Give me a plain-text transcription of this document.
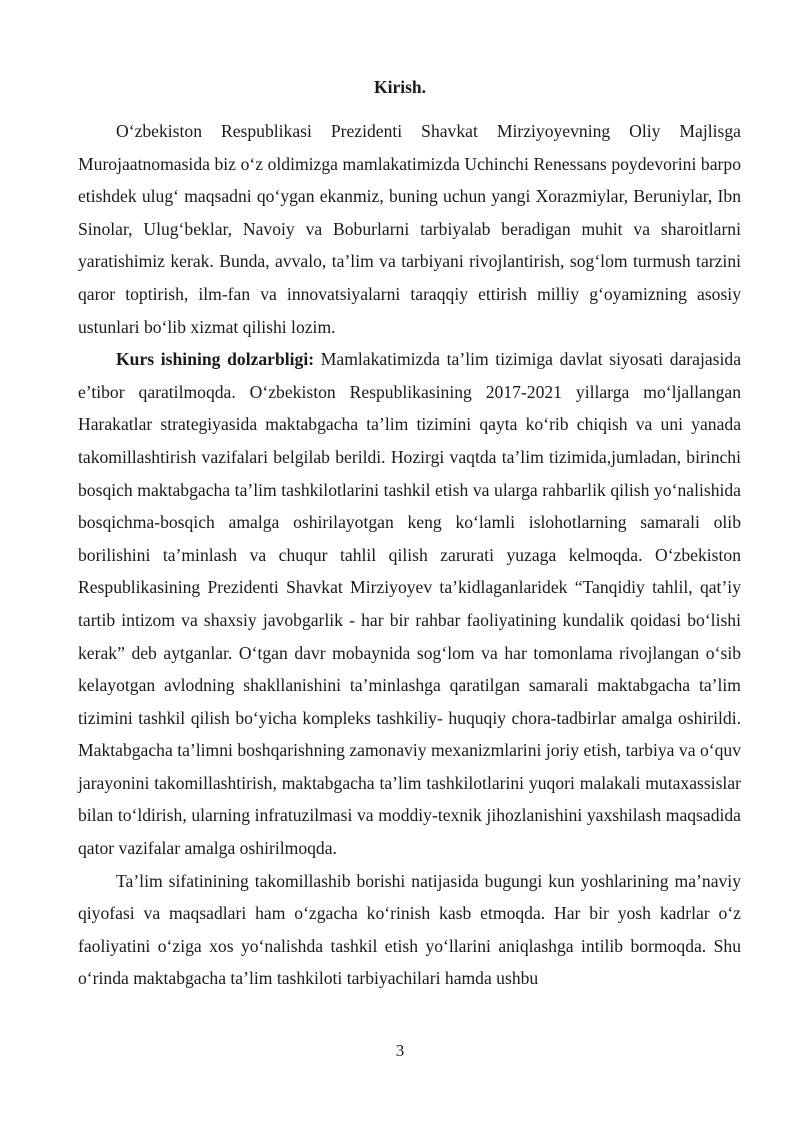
Kirish.

O‘zbekiston Respublikasi Prezidenti Shavkat Mirziyoyevning Oliy Majlisga Murojaatnomasida biz o‘z oldimizga mamlakatimizda Uchinchi Renessans poydevorini barpo etishdek ulug‘ maqsadni qo‘ygan ekanmiz, buning uchun yangi Xorazmiylar, Beruniylar, Ibn Sinolar, Ulug‘beklar, Navoiy va Boburlarni tarbiyalab beradigan muhit va sharoitlarni yaratishimiz kerak. Bunda, avvalo, ta’lim va tarbiyani rivojlantirish, sog‘lom turmush tarzini qaror toptirish, ilm-fan va innovatsiyalarni taraqqiy ettirish milliy g‘oyamizning asosiy ustunlari bo‘lib xizmat qilishi lozim.

Kurs ishining dolzarbligi: Mamlakatimizda ta’lim tizimiga davlat siyosati darajasida e’tibor qaratilmoqda. O‘zbekiston Respublikasining 2017-2021 yillarga mo‘ljallangan Harakatlar strategiyasida maktabgacha ta’lim tizimini qayta ko‘rib chiqish va uni yanada takomillashtirish vazifalari belgilab berildi. Hozirgi vaqtda ta’lim tizimida,jumladan, birinchi bosqich maktabgacha ta’lim tashkilotlarini tashkil etish va ularga rahbarlik qilish yo‘nalishida bosqichma-bosqich amalga oshirilayotgan keng ko‘lamli islohotlarning samarali olib borilishini ta’minlash va chuqur tahlil qilish zarurati yuzaga kelmoqda. O‘zbekiston Respublikasining Prezidenti Shavkat Mirziyoyev ta’kidlaganlaridek “Tanqidiy tahlil, qat’iy tartib intizom va shaxsiy javobgarlik - har bir rahbar faoliyatining kundalik qoidasi bo‘lishi kerak” deb aytganlar. O‘tgan davr mobaynida sog‘lom va har tomonlama rivojlangan o‘sib kelayotgan avlodning shakllanishini ta’minlashga qaratilgan samarali maktabgacha ta’lim tizimini tashkil qilish bo‘yicha kompleks tashkiliy- huquqiy chora-tadbirlar amalga oshirildi. Maktabgacha ta’limni boshqarishning zamonaviy mexanizmlarini joriy etish, tarbiya va o‘quv jarayonini takomillashtirish, maktabgacha ta’lim tashkilotlarini yuqori malakali mutaxassislar bilan to‘ldirish, ularning infratuzilmasi va moddiy-texnik jihozlanishini yaxshilash maqsadida qator vazifalar amalga oshirilmoqda.

Ta’lim sifatinining takomillashib borishi natijasida bugungi kun yoshlarining ma’naviy qiyofasi va maqsadlari ham o‘zgacha ko‘rinish kasb etmoqda. Har bir yosh kadrlar o‘z faoliyatini o‘ziga xos yo‘nalishda tashkil etish yo‘llarini aniqlashga intilib bormoqda. Shu o‘rinda maktabgacha ta’lim tashkiloti tarbiyachilari hamda ushbu

3
